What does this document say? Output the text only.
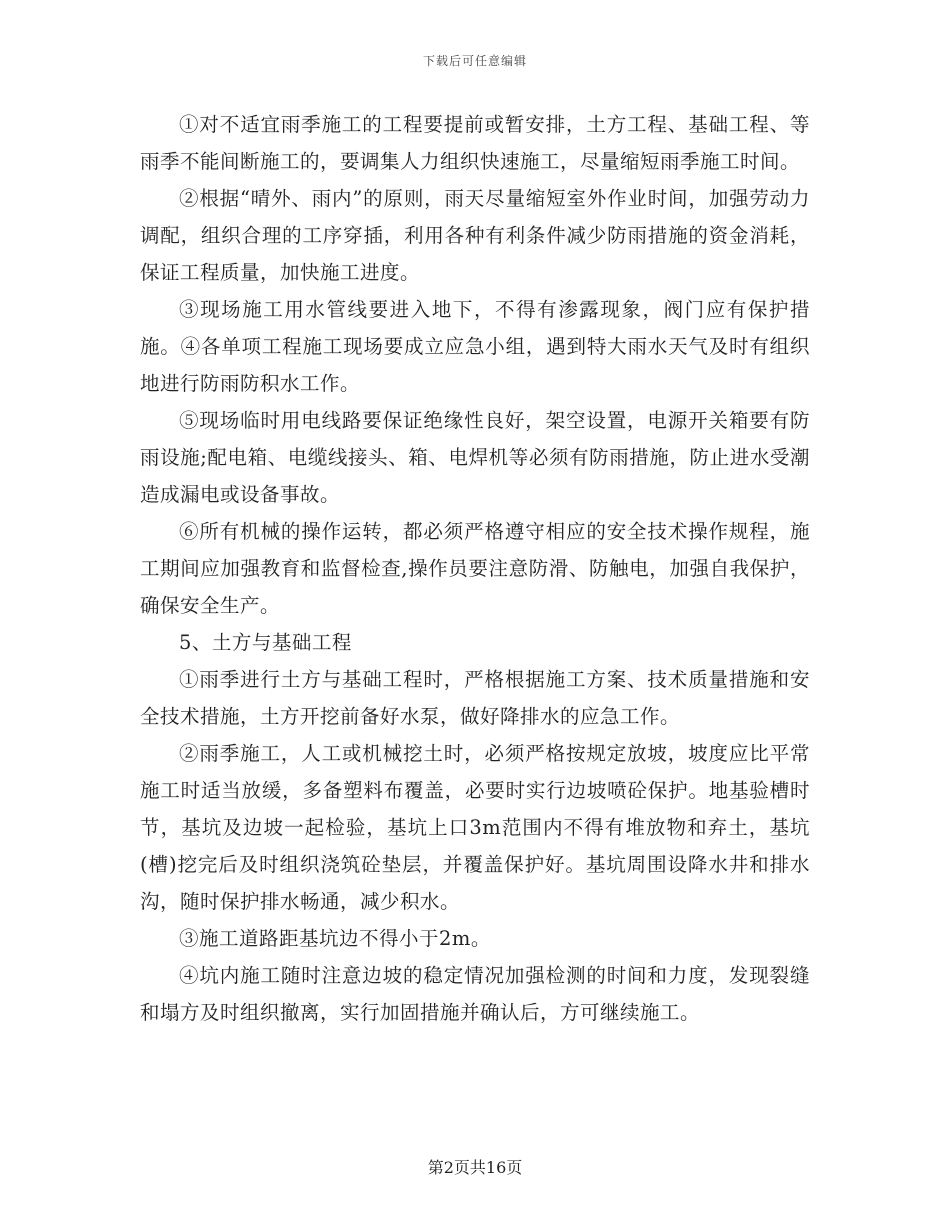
下载后可任意编辑

①对不适宜雨季施工的工程要提前或暂安排，土方工程、基础工程、等雨季不能间断施工的，要调集人力组织快速施工，尽量缩短雨季施工时间。

②根据“晴外、雨内”的原则，雨天尽量缩短室外作业时间，加强劳动力调配，组织合理的工序穿插，利用各种有利条件减少防雨措施的资金消耗，保证工程质量，加快施工进度。

③现场施工用水管线要进入地下，不得有渗露现象，阀门应有保护措施。④各单项工程施工现场要成立应急小组，遇到特大雨水天气及时有组织地进行防雨防积水工作。

⑤现场临时用电线路要保证绝缘性良好，架空设置，电源开关箱要有防雨设施;配电箱、电缆线接头、箱、电焊机等必须有防雨措施，防止进水受潮造成漏电或设备事故。

⑥所有机械的操作运转，都必须严格遵守相应的安全技术操作规程，施工期间应加强教育和监督检查,操作员要注意防滑、防触电，加强自我保护，确保安全生产。

5、土方与基础工程

①雨季进行土方与基础工程时，严格根据施工方案、技术质量措施和安全技术措施，土方开挖前备好水泵，做好降排水的应急工作。

②雨季施工，人工或机械挖土时，必须严格按规定放坡，坡度应比平常施工时适当放缓，多备塑料布覆盖，必要时实行边坡喷砼保护。地基验槽时节，基坑及边坡一起检验，基坑上口3m范围内不得有堆放物和弃土，基坑(槽)挖完后及时组织浇筑砼垫层，并覆盖保护好。基坑周围设降水井和排水沟，随时保护排水畅通，减少积水。

③施工道路距基坑边不得小于2m。

④坑内施工随时注意边坡的稳定情况加强检测的时间和力度，发现裂缝和塌方及时组织撤离，实行加固措施并确认后，方可继续施工。

第2页共16页
